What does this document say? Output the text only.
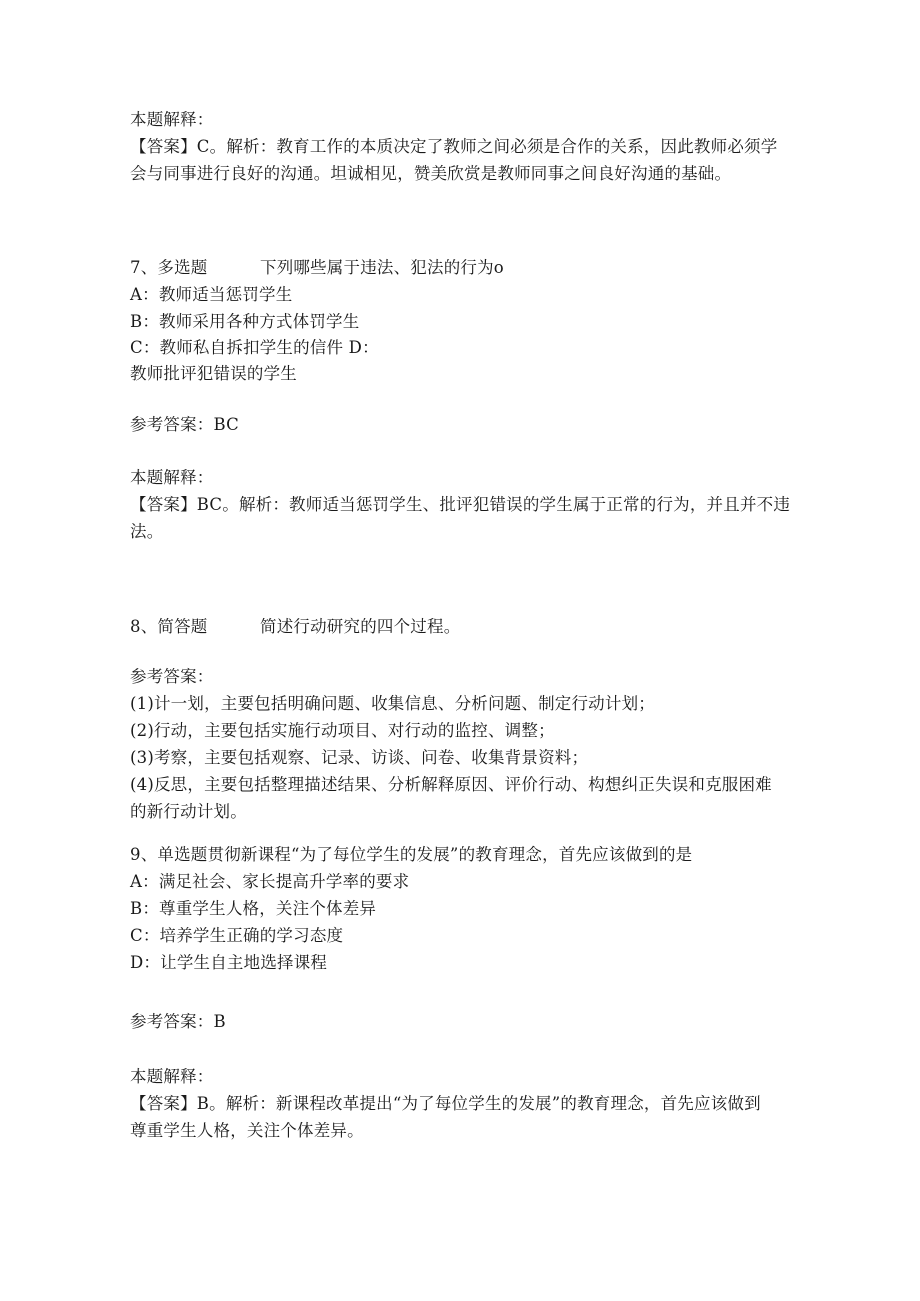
本题解释：
【答案】C。解析：教育工作的本质决定了教师之间必须是合作的关系，因此教师必须学
会与同事进行良好的沟通。坦诚相见，赞美欣赏是教师同事之间良好沟通的基础。
7、多选题	下列哪些属于违法、犯法的行为o
A：教师适当惩罚学生
B：教师采用各种方式体罚学生
C：教师私自拆扣学生的信件 D：
教师批评犯错误的学生
参考答案：BC
本题解释：
【答案】BC。解析：教师适当惩罚学生、批评犯错误的学生属于正常的行为，并且并不违
法。
8、简答题	简述行动研究的四个过程。
参考答案：
(1)计一划，主要包括明确问题、收集信息、分析问题、制定行动计划；
(2)行动，主要包括实施行动项目、对行动的监控、调整；
(3)考察，主要包括观察、记录、访谈、问卷、收集背景资料；
(4)反思，主要包括整理描述结果、分析解释原因、评价行动、构想纠正失误和克服困难
的新行动计划。
9、单选题贯彻新课程“为了每位学生的发展”的教育理念，首先应该做到的是
A：满足社会、家长提高升学率的要求
B：尊重学生人格，关注个体差异
C：培养学生正确的学习态度
D：让学生自主地选择课程
参考答案：B
本题解释：
【答案】B。解析：新课程改革提出“为了每位学生的发展”的教育理念，首先应该做到
尊重学生人格，关注个体差异。
